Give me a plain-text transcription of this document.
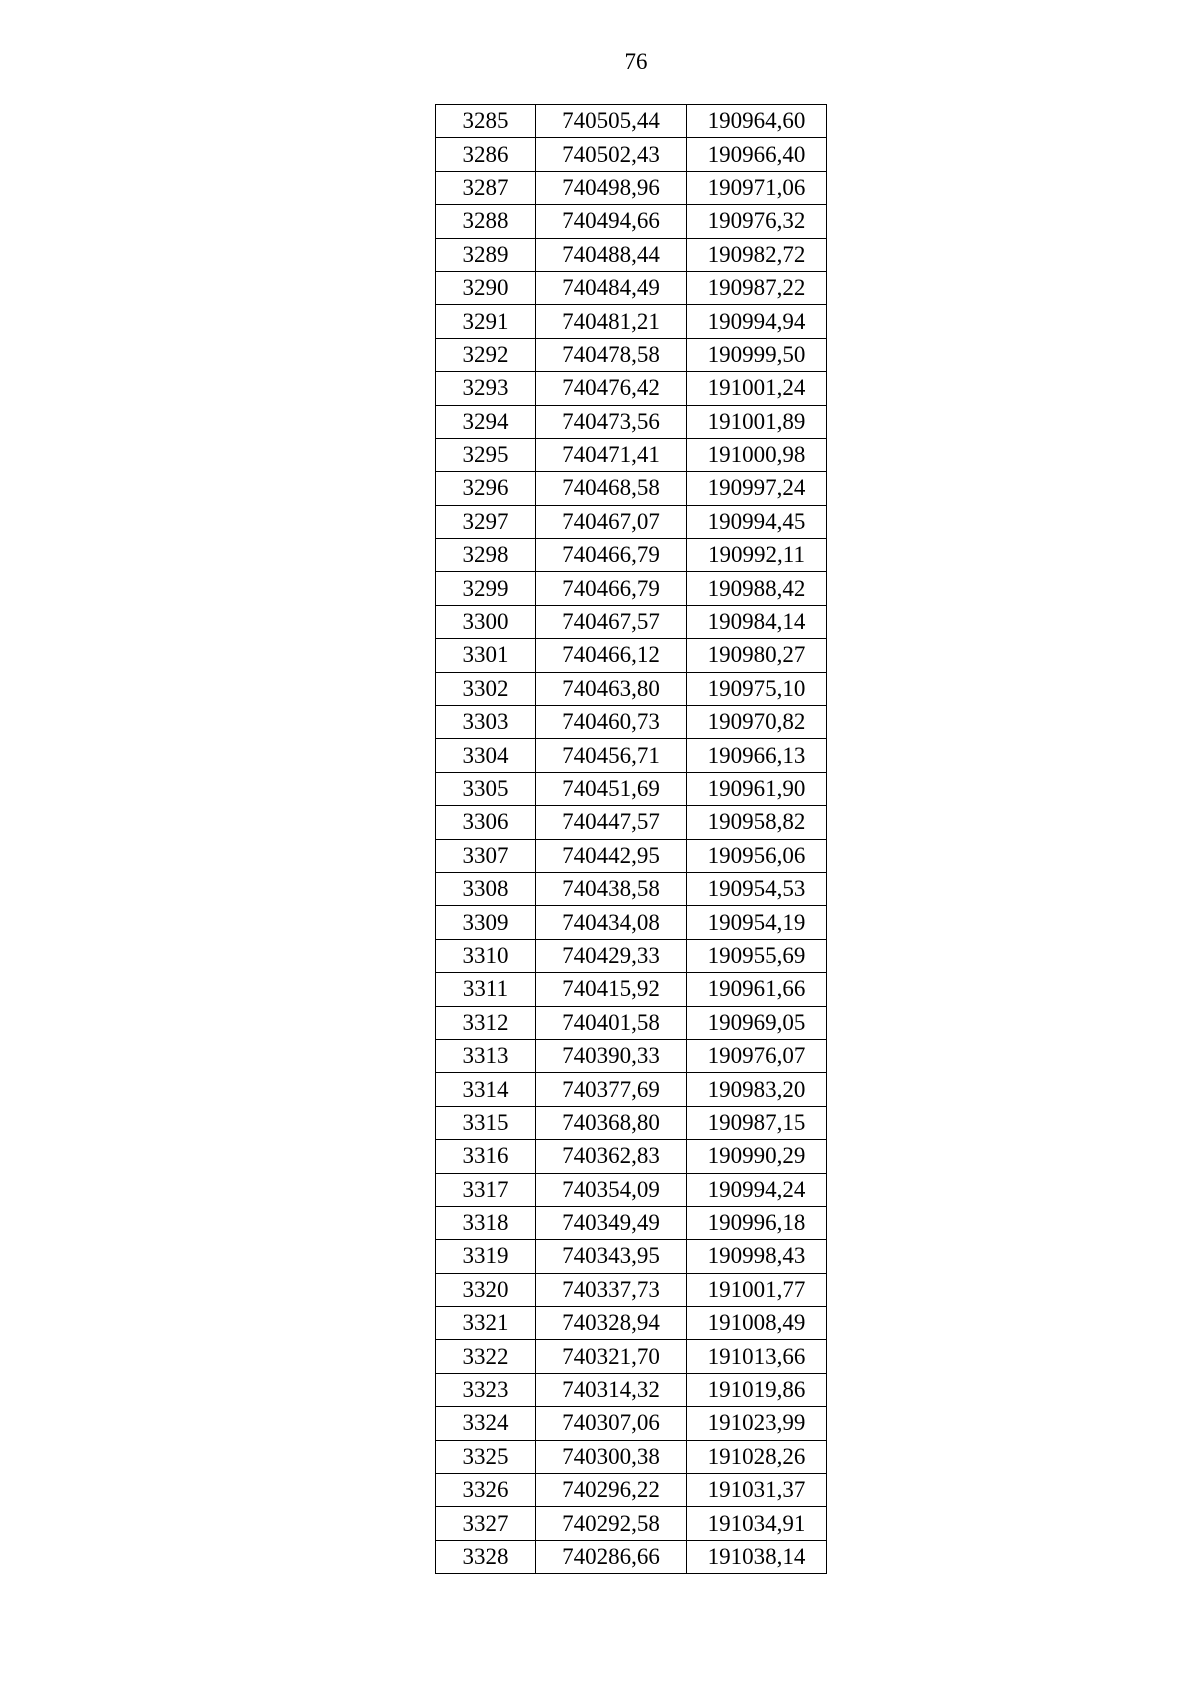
76
3285	740505,44	190964,60
3286	740502,43	190966,40
3287	740498,96	190971,06
3288	740494,66	190976,32
3289	740488,44	190982,72
3290	740484,49	190987,22
3291	740481,21	190994,94
3292	740478,58	190999,50
3293	740476,42	191001,24
3294	740473,56	191001,89
3295	740471,41	191000,98
3296	740468,58	190997,24
3297	740467,07	190994,45
3298	740466,79	190992,11
3299	740466,79	190988,42
3300	740467,57	190984,14
3301	740466,12	190980,27
3302	740463,80	190975,10
3303	740460,73	190970,82
3304	740456,71	190966,13
3305	740451,69	190961,90
3306	740447,57	190958,82
3307	740442,95	190956,06
3308	740438,58	190954,53
3309	740434,08	190954,19
3310	740429,33	190955,69
3311	740415,92	190961,66
3312	740401,58	190969,05
3313	740390,33	190976,07
3314	740377,69	190983,20
3315	740368,80	190987,15
3316	740362,83	190990,29
3317	740354,09	190994,24
3318	740349,49	190996,18
3319	740343,95	190998,43
3320	740337,73	191001,77
3321	740328,94	191008,49
3322	740321,70	191013,66
3323	740314,32	191019,86
3324	740307,06	191023,99
3325	740300,38	191028,26
3326	740296,22	191031,37
3327	740292,58	191034,91
3328	740286,66	191038,14
